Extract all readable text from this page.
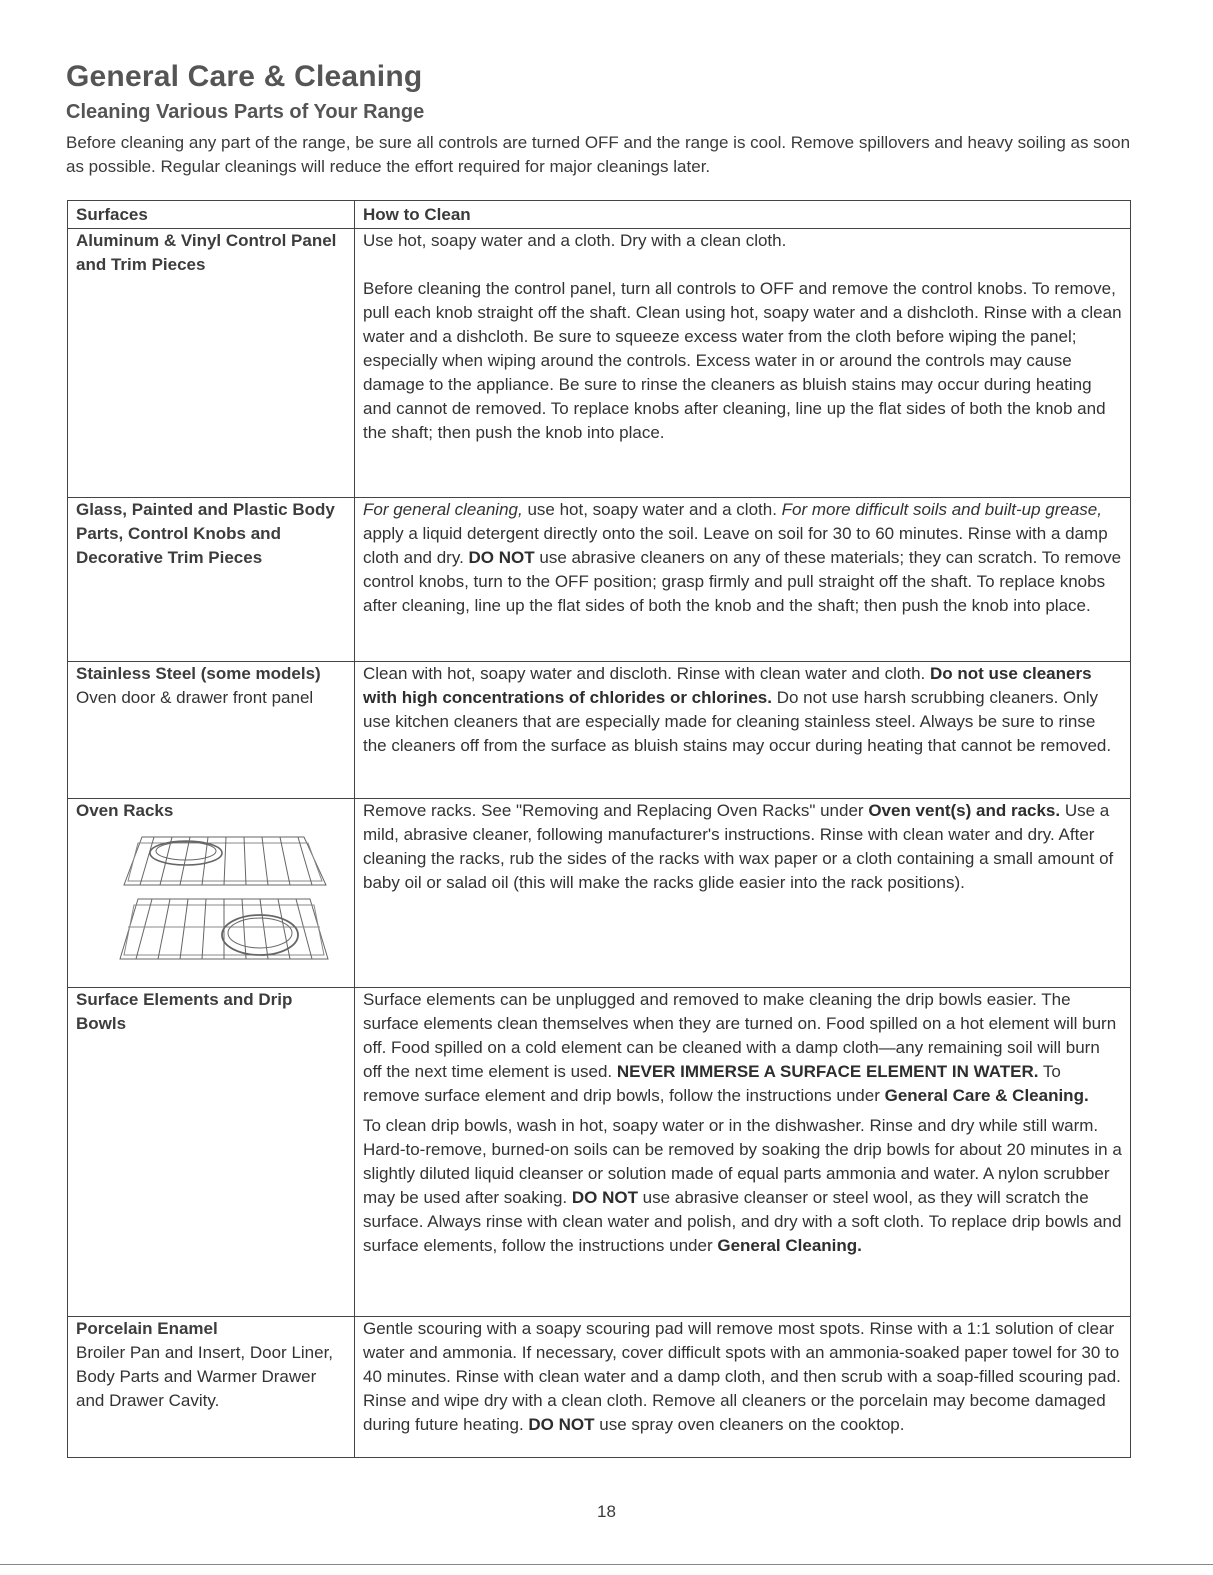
General Care & Cleaning
Cleaning Various Parts of Your Range

Before cleaning any part of the range, be sure all controls are turned OFF and the range is cool. Remove spillovers and heavy soiling as soon as possible. Regular cleanings will reduce the effort required for major cleanings later.

Surfaces	How to Clean
Aluminum & Vinyl Control Panel and Trim Pieces	Use hot, soapy water and a cloth. Dry with a clean cloth.

Before cleaning the control panel, turn all controls to OFF and remove the control knobs. To remove, pull each knob straight off the shaft. Clean using hot, soapy water and a dishcloth. Rinse with a clean water and a dishcloth. Be sure to squeeze excess water from the cloth before wiping the panel; especially when wiping around the controls. Excess water in or around the controls may cause damage to the appliance. Be sure to rinse the cleaners as bluish stains may occur during heating and cannot de removed. To replace knobs after cleaning, line up the flat sides of both the knob and the shaft; then push the knob into place.

Glass, Painted and Plastic Body Parts, Control Knobs and Decorative Trim Pieces	For general cleaning, use hot, soapy water and a cloth. For more difficult soils and built-up grease, apply a liquid detergent directly onto the soil. Leave on soil for 30 to 60 minutes. Rinse with a damp cloth and dry. DO NOT use abrasive cleaners on any of these materials; they can scratch. To remove control knobs, turn to the OFF position; grasp firmly and pull straight off the shaft. To replace knobs after cleaning, line up the flat sides of both the knob and the shaft; then push the knob into place.

Stainless Steel (some models) Oven door & drawer front panel	Clean with hot, soapy water and discloth. Rinse with clean water and cloth. Do not use cleaners with high concentrations of chlorides or chlorines. Do not use harsh scrubbing cleaners. Only use kitchen cleaners that are especially made for cleaning stainless steel. Always be sure to rinse the cleaners off from the surface as bluish stains may occur during heating that cannot be removed.

Oven Racks	Remove racks. See "Removing and Replacing Oven Racks" under Oven vent(s) and racks. Use a mild, abrasive cleaner, following manufacturer's instructions. Rinse with clean water and dry. After cleaning the racks, rub the sides of the racks with wax paper or a cloth containing a small amount of baby oil or salad oil (this will make the racks glide easier into the rack positions).

Surface Elements and Drip Bowls	Surface elements can be unplugged and removed to make cleaning the drip bowls easier. The surface elements clean themselves when they are turned on. Food spilled on a hot element will burn off. Food spilled on a cold element can be cleaned with a damp cloth—any remaining soil will burn off the next time element is used. NEVER IMMERSE A SURFACE ELEMENT IN WATER. To remove surface element and drip bowls, follow the instructions under General Care & Cleaning.

To clean drip bowls, wash in hot, soapy water or in the dishwasher. Rinse and dry while still warm. Hard-to-remove, burned-on soils can be removed by soaking the drip bowls for about 20 minutes in a slightly diluted liquid cleanser or solution made of equal parts ammonia and water. A nylon scrubber may be used after soaking. DO NOT use abrasive cleanser or steel wool, as they will scratch the surface. Always rinse with clean water and polish, and dry with a soft cloth. To replace drip bowls and surface elements, follow the instructions under General Cleaning.

Porcelain Enamel
Broiler Pan and Insert, Door Liner, Body Parts and Warmer Drawer and Drawer Cavity.	Gentle scouring with a soapy scouring pad will remove most spots. Rinse with a 1:1 solution of clear water and ammonia. If necessary, cover difficult spots with an ammonia-soaked paper towel for 30 to 40 minutes. Rinse with clean water and a damp cloth, and then scrub with a soap-filled scouring pad. Rinse and wipe dry with a clean cloth. Remove all cleaners or the porcelain may become damaged during future heating. DO NOT use spray oven cleaners on the cooktop.

18
